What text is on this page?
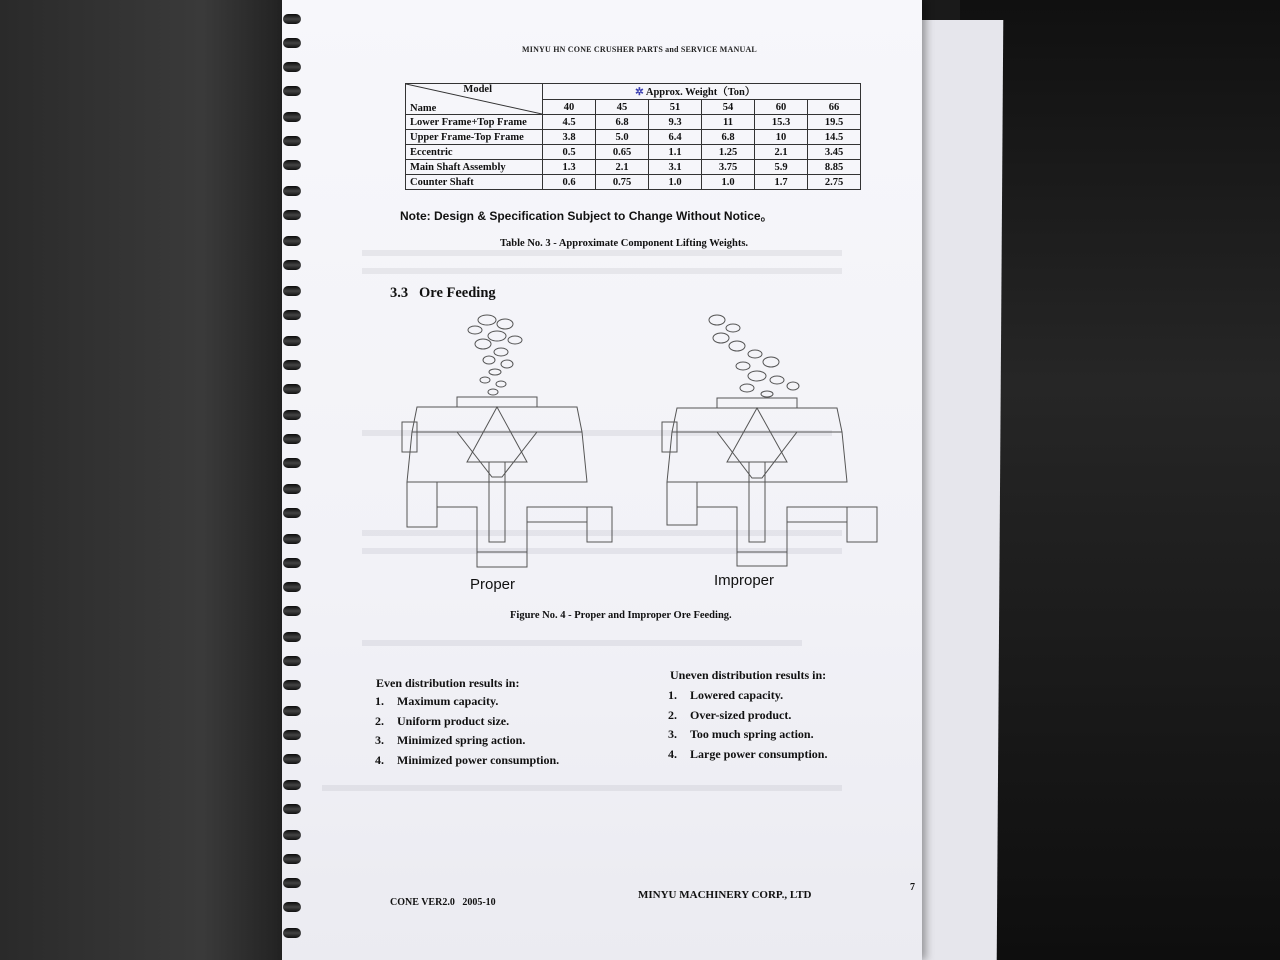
MINYU HN CONE CRUSHER PARTS and SERVICE MANUAL
Model
Name	✲ Approx. Weight（Ton）					
	40	45	51	54	60	66
Lower Frame+Top Frame	4.5	6.8	9.3	11	15.3	19.5
Upper Frame-Top Frame	3.8	5.0	6.4	6.8	10	14.5
Eccentric	0.5	0.65	1.1	1.25	2.1	3.45
Main Shaft Assembly	1.3	2.1	3.1	3.75	5.9	8.85
Counter Shaft	0.6	0.75	1.0	1.0	1.7	2.75
Note: Design & Specification Subject to Change Without Notice。
Table No. 3 - Approximate Component Lifting Weights.
3.3 Ore Feeding
Proper	Improper
Figure No. 4 - Proper and Improper Ore Feeding.
Even distribution results in:
1. Maximum capacity.
2. Uniform product size.
3. Minimized spring action.
4. Minimized power consumption.
Uneven distribution results in:
1. Lowered capacity.
2. Over-sized product.
3. Too much spring action.
4. Large power consumption.
CONE VER2.0 2005-10
MINYU MACHINERY CORP., LTD
7
